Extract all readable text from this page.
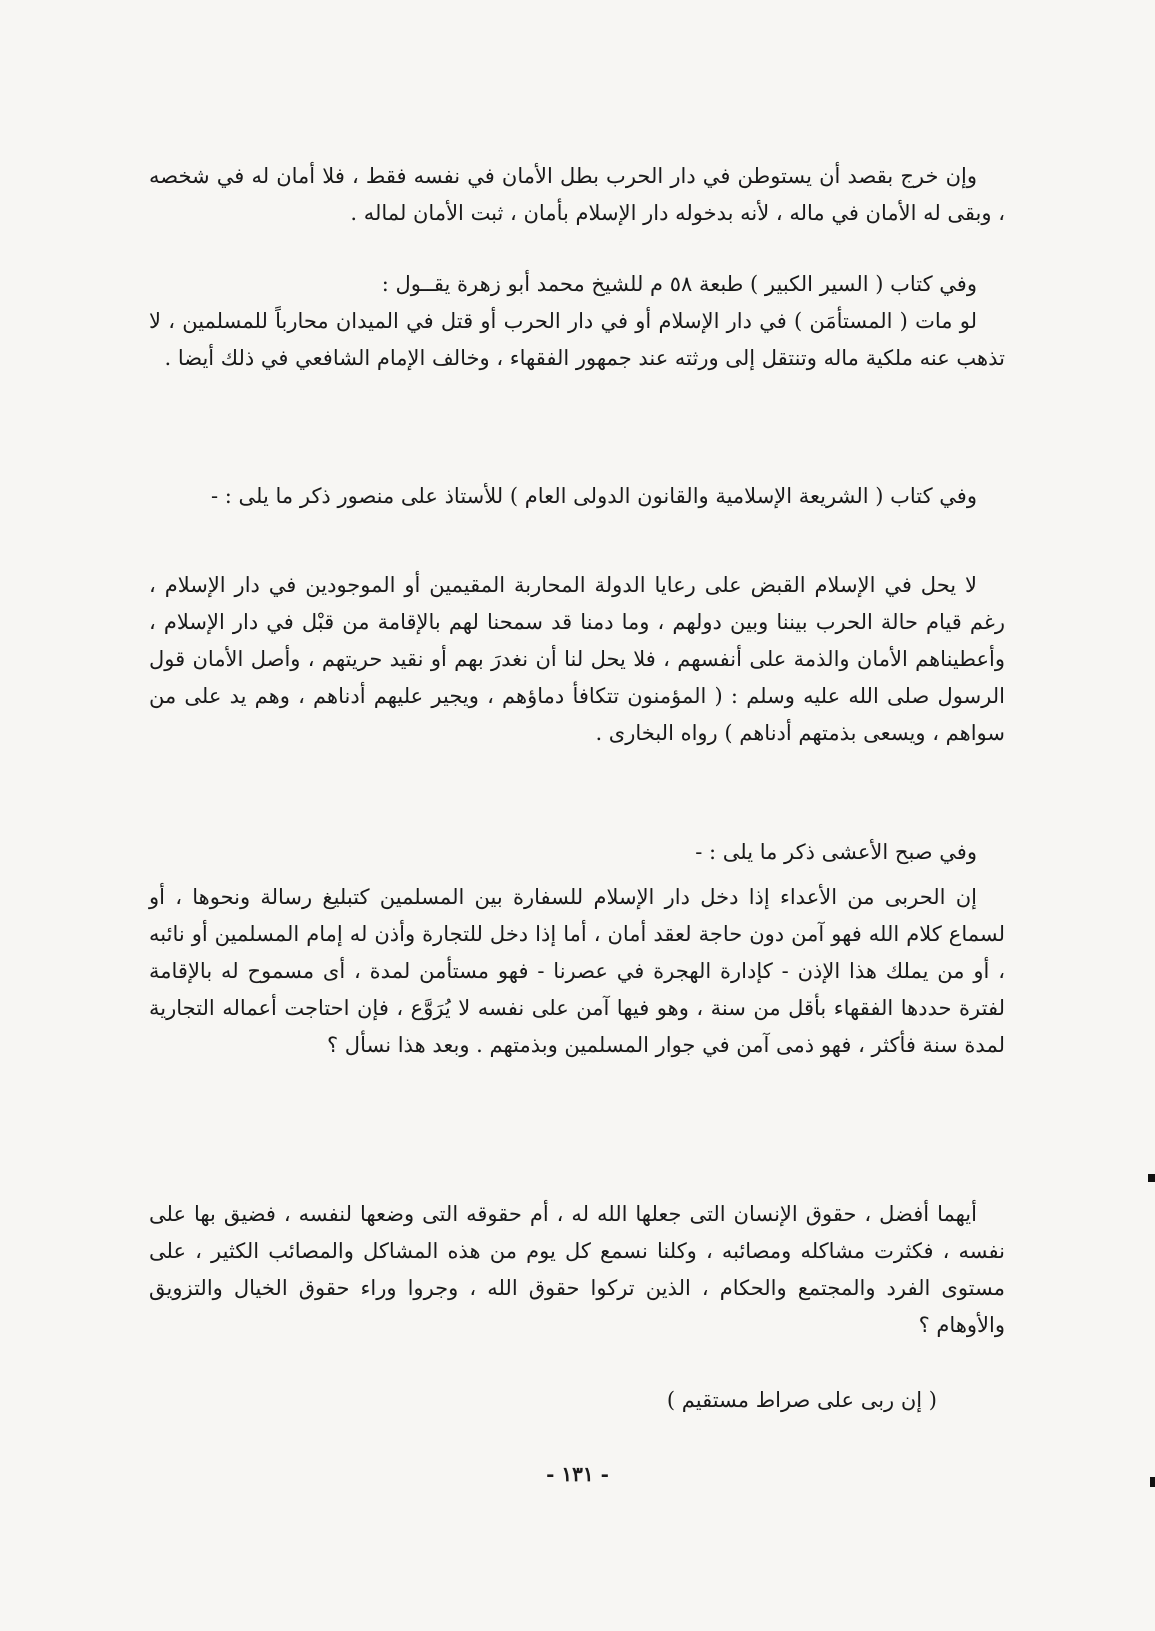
وإن خرج بقصد أن يستوطن في دار الحرب بطل الأمان في نفسه فقط ، فلا أمان له في شخصه ، وبقى له الأمان في ماله ، لأنه بدخوله دار الإسلام بأمان ، ثبت الأمان لماله .

وفي كتاب ( السير الكبير ) طبعة ٥٨ م للشيخ محمد أبو زهرة يقــول :

لو مات ( المستأمَن ) في دار الإسلام أو في دار الحرب أو قتل في الميدان محارباً للمسلمين ، لا تذهب عنه ملكية ماله وتنتقل إلى ورثته عند جمهور الفقهاء ، وخالف الإمام الشافعي في ذلك أيضا .

وفي كتاب ( الشريعة الإسلامية والقانون الدولى العام ) للأستاذ على منصور ذكر ما يلى : -

لا يحل في الإسلام القبض على رعايا الدولة المحاربة المقيمين أو الموجودين في دار الإسلام ، رغم قيام حالة الحرب بيننا وبين دولهم ، وما دمنا قد سمحنا لهم بالإقامة من قبْل في دار الإسلام ، وأعطيناهم الأمان والذمة على أنفسهم ، فلا يحل لنا أن نغدرَ بهم أو نقيد حريتهم ، وأصل الأمان قول الرسول صلى الله عليه وسلم : ( المؤمنون تتكافأ دماؤهم ، ويجير عليهم أدناهم ، وهم يد على من سواهم ، ويسعى بذمتهم أدناهم ) رواه البخارى .

وفي صبح الأعشى ذكر ما يلى : -

إن الحربى من الأعداء إذا دخل دار الإسلام للسفارة بين المسلمين كتبليغ رسالة ونحوها ، أو لسماع كلام الله فهو آمن دون حاجة لعقد أمان ، أما إذا دخل للتجارة وأذن له إمام المسلمين أو نائبه ، أو من يملك هذا الإذن - كإدارة الهجرة في عصرنا - فهو مستأمن لمدة ، أى مسموح له بالإقامة لفترة حددها الفقهاء بأقل من سنة ، وهو فيها آمن على نفسه لا يُرَوَّع ، فإن احتاجت أعماله التجارية لمدة سنة فأكثر ، فهو ذمى آمن في جوار المسلمين وبذمتهم . وبعد هذا نسأل ؟

أيهما أفضل ، حقوق الإنسان التى جعلها الله له ، أم حقوقه التى وضعها لنفسه ، فضيق بها على نفسه ، فكثرت مشاكله ومصائبه ، وكلنا نسمع كل يوم من هذه المشاكل والمصائب الكثير ، على مستوى الفرد والمجتمع والحكام ، الذين تركوا حقوق الله ، وجروا وراء حقوق الخيال والتزويق والأوهام ؟

( إن ربى على صراط مستقيم )
- ١٣١ -
